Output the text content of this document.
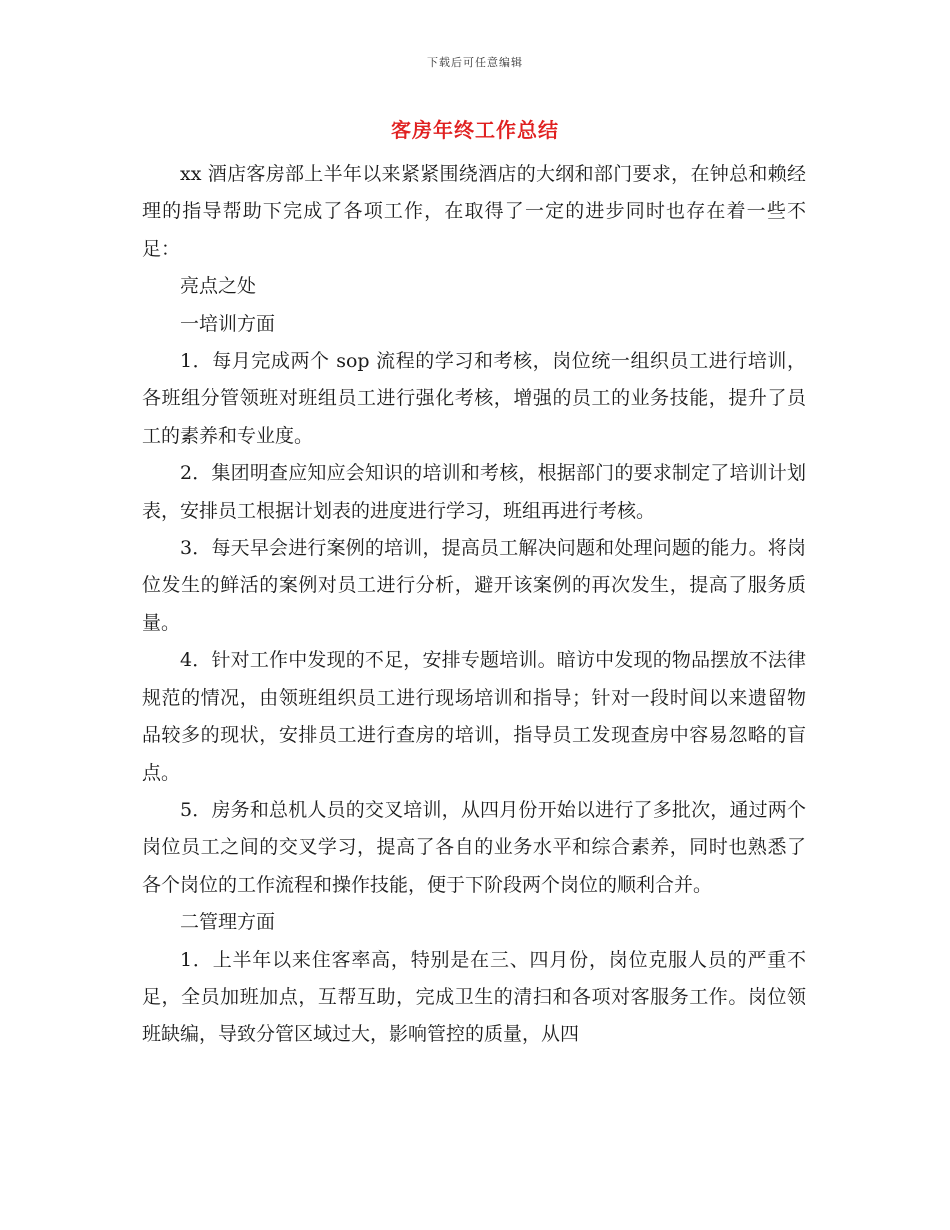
下载后可任意编辑
客房年终工作总结

xx 酒店客房部上半年以来紧紧围绕酒店的大纲和部门要求，在钟总和赖经理的指导帮助下完成了各项工作，在取得了一定的进步同时也存在着一些不足：

亮点之处

一培训方面

1．每月完成两个 sop 流程的学习和考核，岗位统一组织员工进行培训，各班组分管领班对班组员工进行强化考核，增强的员工的业务技能，提升了员工的素养和专业度。

2．集团明查应知应会知识的培训和考核，根据部门的要求制定了培训计划表，安排员工根据计划表的进度进行学习，班组再进行考核。

3．每天早会进行案例的培训，提高员工解决问题和处理问题的能力。将岗位发生的鲜活的案例对员工进行分析，避开该案例的再次发生，提高了服务质量。

4．针对工作中发现的不足，安排专题培训。暗访中发现的物品摆放不法律规范的情况，由领班组织员工进行现场培训和指导；针对一段时间以来遗留物品较多的现状，安排员工进行查房的培训，指导员工发现查房中容易忽略的盲点。

5．房务和总机人员的交叉培训，从四月份开始以进行了多批次，通过两个岗位员工之间的交叉学习，提高了各自的业务水平和综合素养，同时也熟悉了各个岗位的工作流程和操作技能，便于下阶段两个岗位的顺利合并。

二管理方面

1．上半年以来住客率高，特别是在三、四月份，岗位克服人员的严重不足，全员加班加点，互帮互助，完成卫生的清扫和各项对客服务工作。岗位领班缺编，导致分管区域过大，影响管控的质量，从四
